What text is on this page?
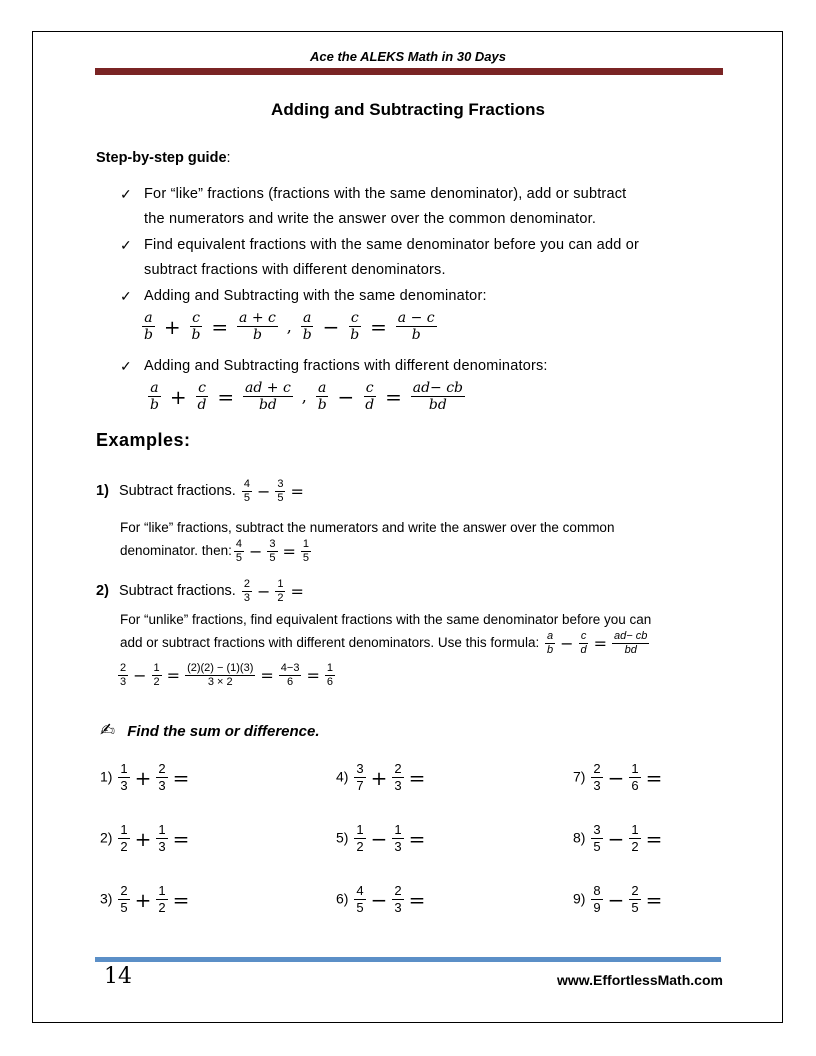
Ace the ALEKS Math in 30 Days
Adding and Subtracting Fractions
Step-by-step guide:
✓ For “like” fractions (fractions with the same denominator), add or subtract
the numerators and write the answer over the common denominator.
✓ Find equivalent fractions with the same denominator before you can add or
subtract fractions with different denominators.
✓ Adding and Subtracting with the same denominator:
$\frac{a}{b} + \frac{c}{b} = \frac{a + c}{b}$ , $\frac{a}{b} - \frac{c}{b} = \frac{a - c}{b}$
✓ Adding and Subtracting fractions with different denominators:
$\frac{a}{b} + \frac{c}{d} = \frac{ad + c}{bd}$ , $\frac{a}{b} - \frac{c}{d} = \frac{ad- cb}{bd}$
Examples:
1) Subtract fractions. $\frac{4}{5} - \frac{3}{5}$ =
For “like” fractions, subtract the numerators and write the answer over the common
denominator. then: $\frac{4}{5} - \frac{3}{5} = \frac{1}{5}$
2) Subtract fractions. $\frac{2}{3} - \frac{1}{2}$ =
For “unlike” fractions, find equivalent fractions with the same denominator before you can
add or subtract fractions with different denominators. Use this formula: $\frac{a}{b} - \frac{c}{d} = \frac{ad- cb}{bd}$
$\frac{2}{3} - \frac{1}{2} = \frac{(2)(2) - (1)(3)}{3 \times 2} = \frac{4-3}{6} = \frac{1}{6}$
✍ Find the sum or difference.
$1) \frac{1}{3} + \frac{2}{3}$ =	$4) \frac{3}{7} + \frac{2}{3}$ =	$7) \frac{2}{3} - \frac{1}{6}$ =
$2) \frac{1}{2} + \frac{1}{3}$ =	$5) \frac{1}{2} - \frac{1}{3}$ =	$8) \frac{3}{5} - \frac{1}{2}$ =
$3) \frac{2}{5} + \frac{1}{2}$ =	$6) \frac{4}{5} - \frac{2}{3}$ =	$9) \frac{8}{9} - \frac{2}{5}$ =
14	www.EffortlessMath.com
